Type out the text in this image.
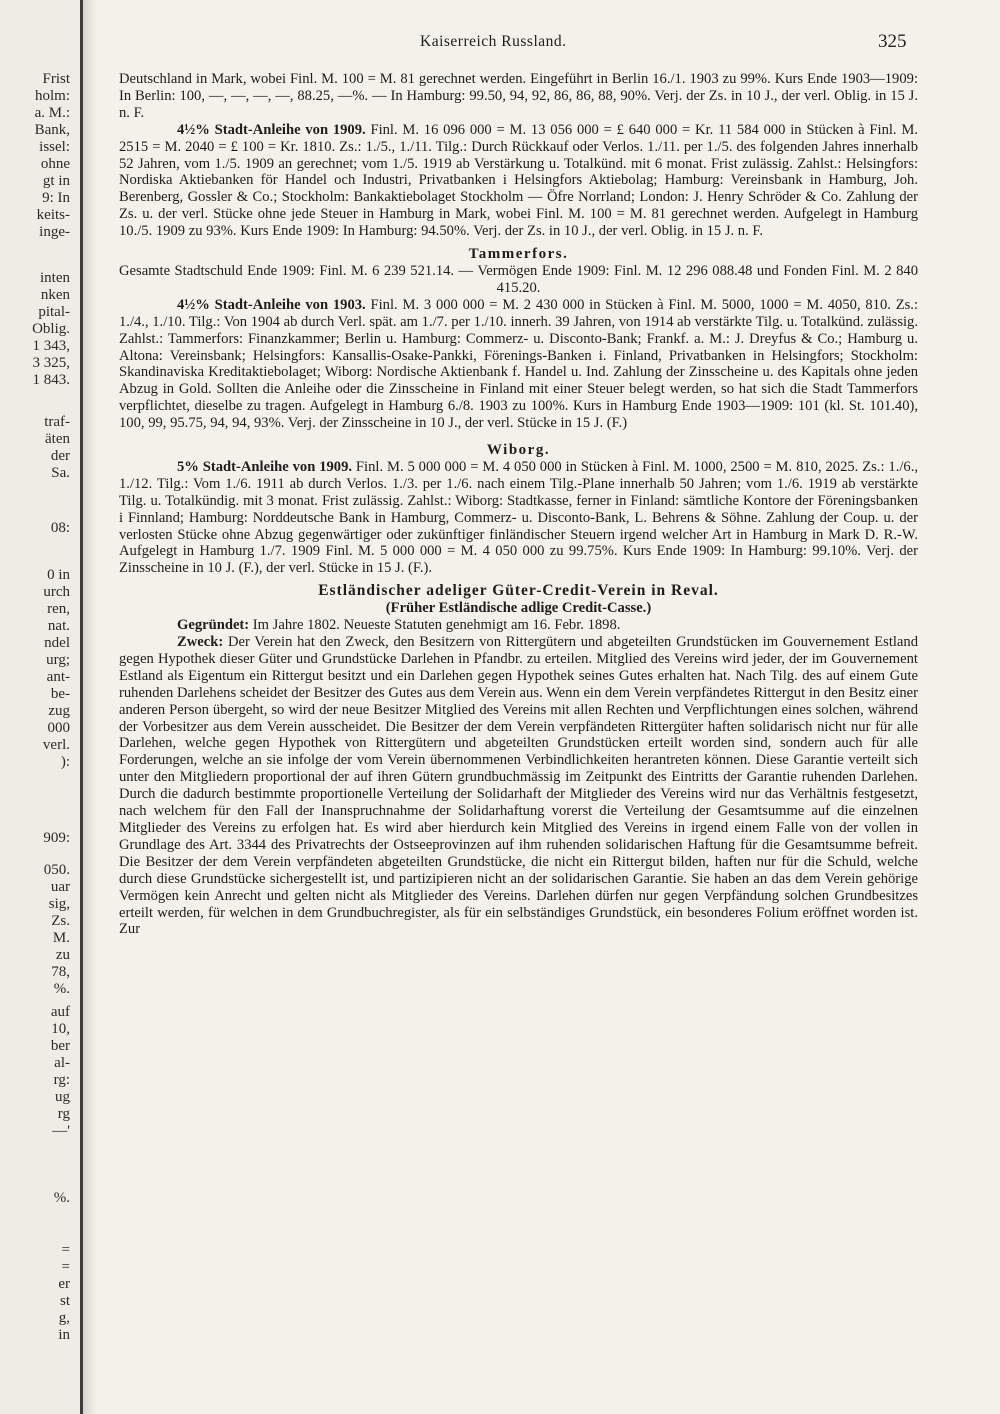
Frist
holm:
a. M.:
Bank,
issel:
ohne
gt in
9: In
keits-
inge-
inten
nken
pital-
Oblig.
1 343,
3 325,
1 843.
traf-
äten
der
Sa.
08:
0 in
urch
ren,
nat.
ndel
urg;
ant-
be-
zug
000
verl.
):
909:
050.
uar
sig,
Zs.
M.
zu
78,
%.
auf
10,
ber
al-
rg:
ug
rg
—'
%.
=
=
er
st
g,
in
Kaiserreich Russland.	325

Deutschland in Mark, wobei Finl. M. 100 = M. 81 gerechnet werden. Eingeführt in Berlin 16./1. 1903 zu 99%. Kurs Ende 1903—1909: In Berlin: 100, —, —, —, —, 88.25, —%. — In Hamburg: 99.50, 94, 92, 86, 86, 88, 90%. Verj. der Zs. in 10 J., der verl. Oblig. in 15 J. n. F.

4½% Stadt-Anleihe von 1909. Finl. M. 16 096 000 = M. 13 056 000 = £ 640 000 = Kr. 11 584 000 in Stücken à Finl. M. 2515 = M. 2040 = £ 100 = Kr. 1810. Zs.: 1./5., 1./11. Tilg.: Durch Rückkauf oder Verlos. 1./11. per 1./5. des folgenden Jahres innerhalb 52 Jahren, vom 1./5. 1909 an gerechnet; vom 1./5. 1919 ab Verstärkung u. Totalkünd. mit 6 monat. Frist zulässig. Zahlst.: Helsingfors: Nordiska Aktiebanken för Handel och Industri, Privatbanken i Helsingfors Aktiebolag; Hamburg: Vereinsbank in Hamburg, Joh. Berenberg, Gossler & Co.; Stockholm: Bankaktiebolaget Stockholm — Öfre Norrland; London: J. Henry Schröder & Co. Zahlung der Zs. u. der verl. Stücke ohne jede Steuer in Hamburg in Mark, wobei Finl. M. 100 = M. 81 gerechnet werden. Aufgelegt in Hamburg 10./5. 1909 zu 93%. Kurs Ende 1909: In Hamburg: 94.50%. Verj. der Zs. in 10 J., der verl. Oblig. in 15 J. n. F.

Tammerfors.

Gesamte Stadtschuld Ende 1909: Finl. M. 6 239 521.14. — Vermögen Ende 1909: Finl. M. 12 296 088.48 und Fonden Finl. M. 2 840 415.20.

4½% Stadt-Anleihe von 1903. Finl. M. 3 000 000 = M. 2 430 000 in Stücken à Finl. M. 5000, 1000 = M. 4050, 810. Zs.: 1./4., 1./10. Tilg.: Von 1904 ab durch Verl. spät. am 1./7. per 1./10. innerh. 39 Jahren, von 1914 ab verstärkte Tilg. u. Totalkünd. zulässig. Zahlst.: Tammerfors: Finanzkammer; Berlin u. Hamburg: Commerz- u. Disconto-Bank; Frankf. a. M.: J. Dreyfus & Co.; Hamburg u. Altona: Vereinsbank; Helsingfors: Kansallis-Osake-Pankki, Förenings-Banken i. Finland, Privatbanken in Helsingfors; Stockholm: Skandinaviska Kreditaktiebolaget; Wiborg: Nordische Aktienbank f. Handel u. Ind. Zahlung der Zinsscheine u. des Kapitals ohne jeden Abzug in Gold. Sollten die Anleihe oder die Zinsscheine in Finland mit einer Steuer belegt werden, so hat sich die Stadt Tammerfors verpflichtet, dieselbe zu tragen. Aufgelegt in Hamburg 6./8. 1903 zu 100%. Kurs in Hamburg Ende 1903—1909: 101 (kl. St. 101.40), 100, 99, 95.75, 94, 94, 93%. Verj. der Zinsscheine in 10 J., der verl. Stücke in 15 J. (F.)

Wiborg.

5% Stadt-Anleihe von 1909. Finl. M. 5 000 000 = M. 4 050 000 in Stücken à Finl. M. 1000, 2500 = M. 810, 2025. Zs.: 1./6., 1./12. Tilg.: Vom 1./6. 1911 ab durch Verlos. 1./3. per 1./6. nach einem Tilg.-Plane innerhalb 50 Jahren; vom 1./6. 1919 ab verstärkte Tilg. u. Totalkündig. mit 3 monat. Frist zulässig. Zahlst.: Wiborg: Stadtkasse, ferner in Finland: sämtliche Kontore der Föreningsbanken i Finnland; Hamburg: Norddeutsche Bank in Hamburg, Commerz- u. Disconto-Bank, L. Behrens & Söhne. Zahlung der Coup. u. der verlosten Stücke ohne Abzug gegenwärtiger oder zukünftiger finländischer Steuern irgend welcher Art in Hamburg in Mark D. R.-W. Aufgelegt in Hamburg 1./7. 1909 Finl. M. 5 000 000 = M. 4 050 000 zu 99.75%. Kurs Ende 1909: In Hamburg: 99.10%. Verj. der Zinsscheine in 10 J. (F.), der verl. Stücke in 15 J. (F.).

Estländischer adeliger Güter-Credit-Verein in Reval.

(Früher Estländische adlige Credit-Casse.)

Gegründet: Im Jahre 1802. Neueste Statuten genehmigt am 16. Febr. 1898.

Zweck: Der Verein hat den Zweck, den Besitzern von Rittergütern und abgeteilten Grundstücken im Gouvernement Estland gegen Hypothek dieser Güter und Grundstücke Darlehen in Pfandbr. zu erteilen. Mitglied des Vereins wird jeder, der im Gouvernement Estland als Eigentum ein Rittergut besitzt und ein Darlehen gegen Hypothek seines Gutes erhalten hat. Nach Tilg. des auf einem Gute ruhenden Darlehens scheidet der Besitzer des Gutes aus dem Verein aus. Wenn ein dem Verein verpfändetes Rittergut in den Besitz einer anderen Person übergeht, so wird der neue Besitzer Mitglied des Vereins mit allen Rechten und Verpflichtungen eines solchen, während der Vorbesitzer aus dem Verein ausscheidet. Die Besitzer der dem Verein verpfändeten Rittergüter haften solidarisch nicht nur für alle Darlehen, welche gegen Hypothek von Rittergütern und abgeteilten Grundstücken erteilt worden sind, sondern auch für alle Forderungen, welche an sie infolge der vom Verein übernommenen Verbindlichkeiten herantreten können. Diese Garantie verteilt sich unter den Mitgliedern proportional der auf ihren Gütern grundbuchmässig im Zeitpunkt des Eintritts der Garantie ruhenden Darlehen. Durch die dadurch bestimmte proportionelle Verteilung der Solidarhaft der Mitglieder des Vereins wird nur das Verhältnis festgesetzt, nach welchem für den Fall der Inanspruchnahme der Solidarhaftung vorerst die Verteilung der Gesamtsumme auf die einzelnen Mitglieder des Vereins zu erfolgen hat. Es wird aber hierdurch kein Mitglied des Vereins in irgend einem Falle von der vollen in Grundlage des Art. 3344 des Privatrechts der Ostseeprovinzen auf ihm ruhenden solidarischen Haftung für die Gesamtsumme befreit. Die Besitzer der dem Verein verpfändeten abgeteilten Grundstücke, die nicht ein Rittergut bilden, haften nur für die Schuld, welche durch diese Grundstücke sichergestellt ist, und partizipieren nicht an der solidarischen Garantie. Sie haben an das dem Verein gehörige Vermögen kein Anrecht und gelten nicht als Mitglieder des Vereins. Darlehen dürfen nur gegen Verpfändung solchen Grundbesitzes erteilt werden, für welchen in dem Grundbuchregister, als für ein selbständiges Grundstück, ein besonderes Folium eröffnet worden ist. Zur
